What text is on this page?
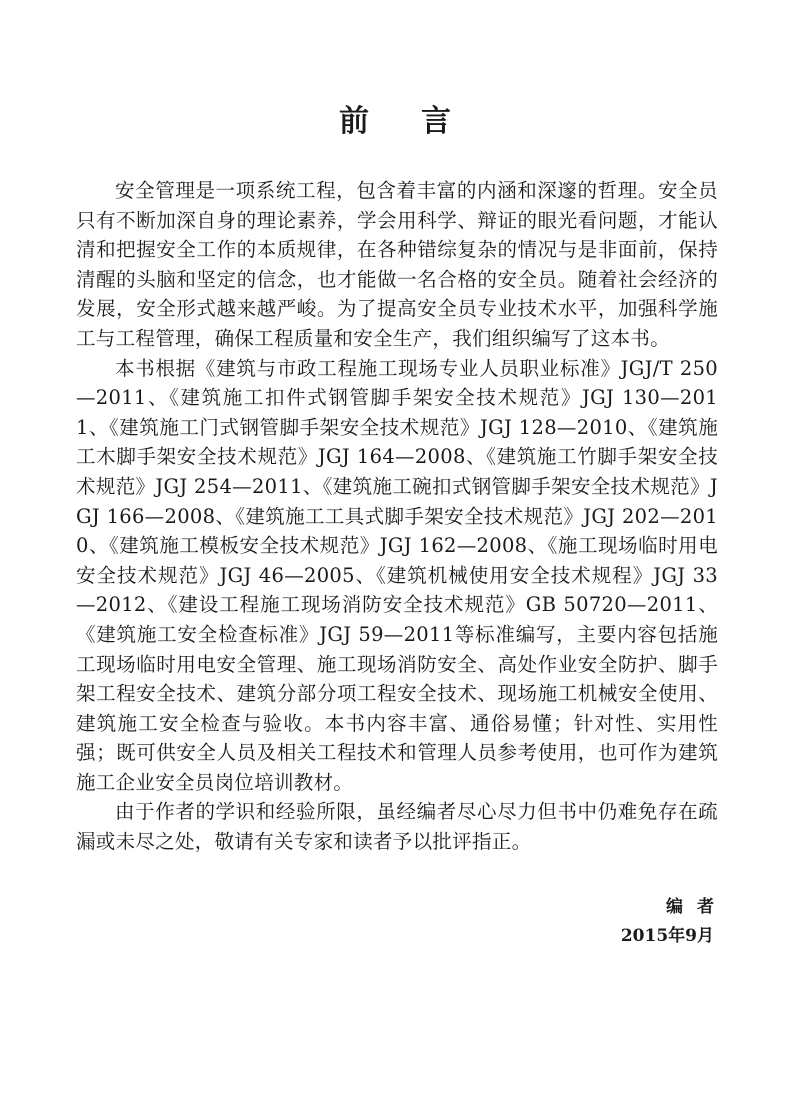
前言

安全管理是一项系统工程，包含着丰富的内涵和深邃的哲理。安全员只有不断加深自身的理论素养，学会用科学、辩证的眼光看问题，才能认清和把握安全工作的本质规律，在各种错综复杂的情况与是非面前，保持清醒的头脑和坚定的信念，也才能做一名合格的安全员。随着社会经济的发展，安全形式越来越严峻。为了提高安全员专业技术水平，加强科学施工与工程管理，确保工程质量和安全生产，我们组织编写了这本书。

本书根据《建筑与市政工程施工现场专业人员职业标准》JGJ/T 250—2011、《建筑施工扣件式钢管脚手架安全技术规范》JGJ 130—2011、《建筑施工门式钢管脚手架安全技术规范》JGJ 128—2010、《建筑施工木脚手架安全技术规范》JGJ 164—2008、《建筑施工竹脚手架安全技术规范》JGJ 254—2011、《建筑施工碗扣式钢管脚手架安全技术规范》JGJ 166—2008、《建筑施工工具式脚手架安全技术规范》JGJ 202—2010、《建筑施工模板安全技术规范》JGJ 162—2008、《施工现场临时用电安全技术规范》JGJ 46—2005、《建筑机械使用安全技术规程》JGJ 33—2012、《建设工程施工现场消防安全技术规范》GB 50720—2011、《建筑施工安全检查标准》JGJ 59—2011等标准编写，主要内容包括施工现场临时用电安全管理、施工现场消防安全、高处作业安全防护、脚手架工程安全技术、建筑分部分项工程安全技术、现场施工机械安全使用、建筑施工安全检查与验收。本书内容丰富、通俗易懂；针对性、实用性强；既可供安全人员及相关工程技术和管理人员参考使用，也可作为建筑施工企业安全员岗位培训教材。

由于作者的学识和经验所限，虽经编者尽心尽力但书中仍难免存在疏漏或未尽之处，敬请有关专家和读者予以批评指正。

编者
2015年9月
